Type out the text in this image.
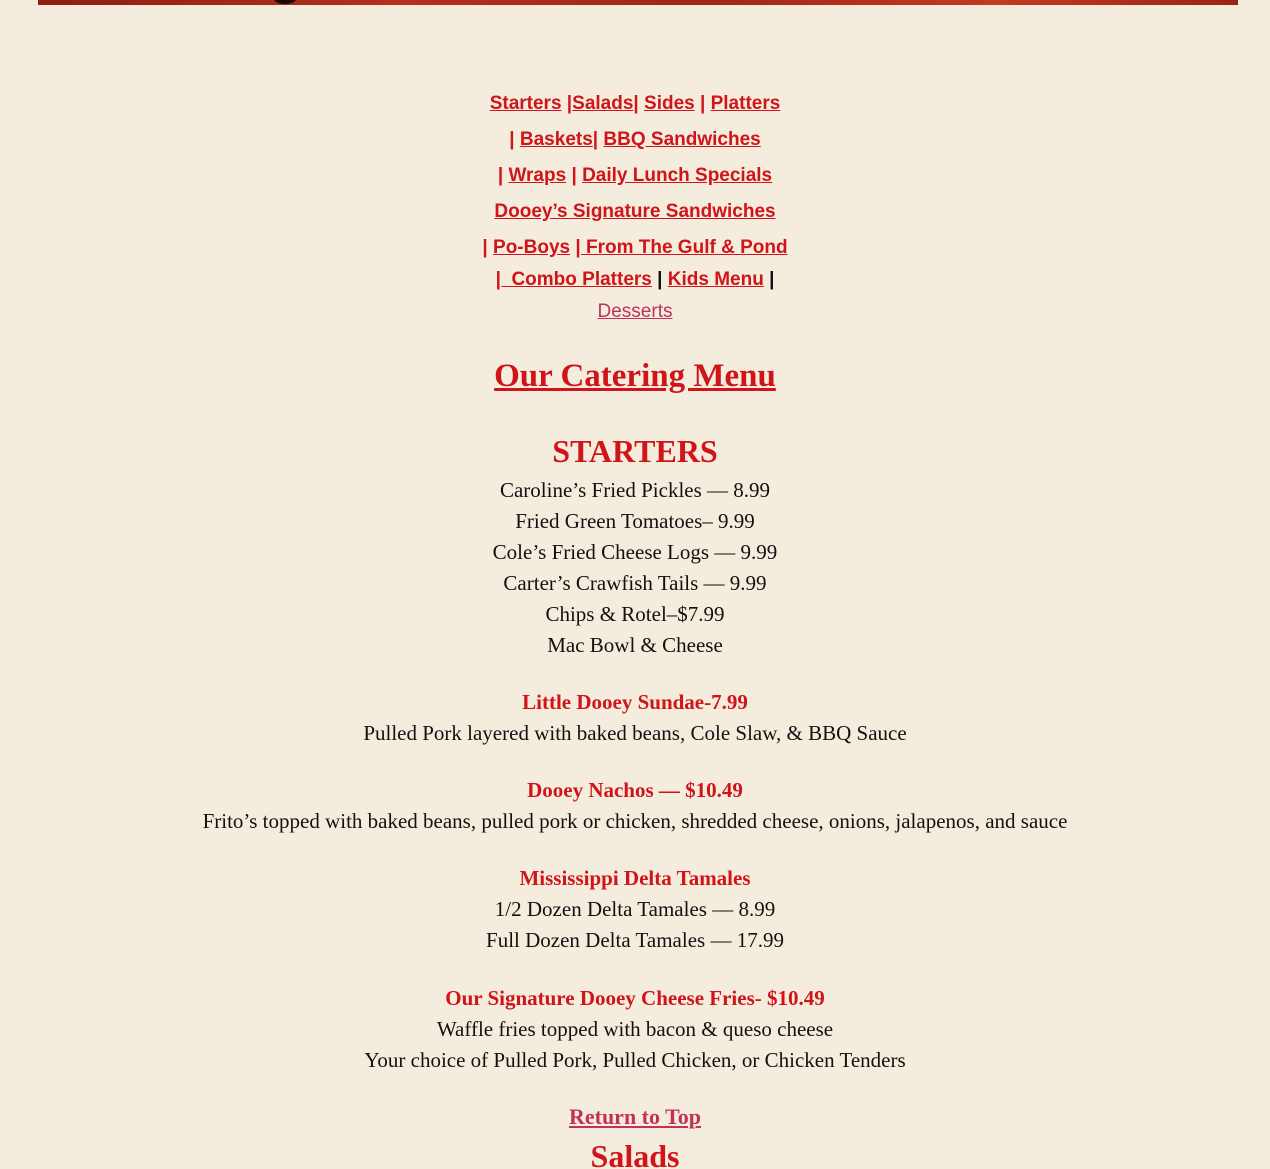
Starters |Salads| Sides | Platters
| Baskets| BBQ Sandwiches
| Wraps | Daily Lunch Specials
Dooey’s Signature Sandwiches
| Po-Boys | From The Gulf & Pond
|  Combo Platters | Kids Menu |
Desserts
Our Catering Menu
STARTERS
Caroline’s Fried Pickles — 8.99
Fried Green Tomatoes– 9.99
Cole’s Fried Cheese Logs — 9.99
Carter’s Crawfish Tails — 9.99
Chips & Rotel–$7.99
Mac Bowl & Cheese
Little Dooey Sundae-7.99
Pulled Pork layered with baked beans, Cole Slaw, & BBQ Sauce
Dooey Nachos — $10.49
Frito’s topped with baked beans, pulled pork or chicken, shredded cheese, onions, jalapenos, and sauce
Mississippi Delta Tamales
1/2 Dozen Delta Tamales — 8.99
Full Dozen Delta Tamales — 17.99
Our Signature Dooey Cheese Fries- $10.49
Waffle fries topped with bacon & queso cheese
Your choice of Pulled Pork, Pulled Chicken, or Chicken Tenders
Return to Top
Salads
